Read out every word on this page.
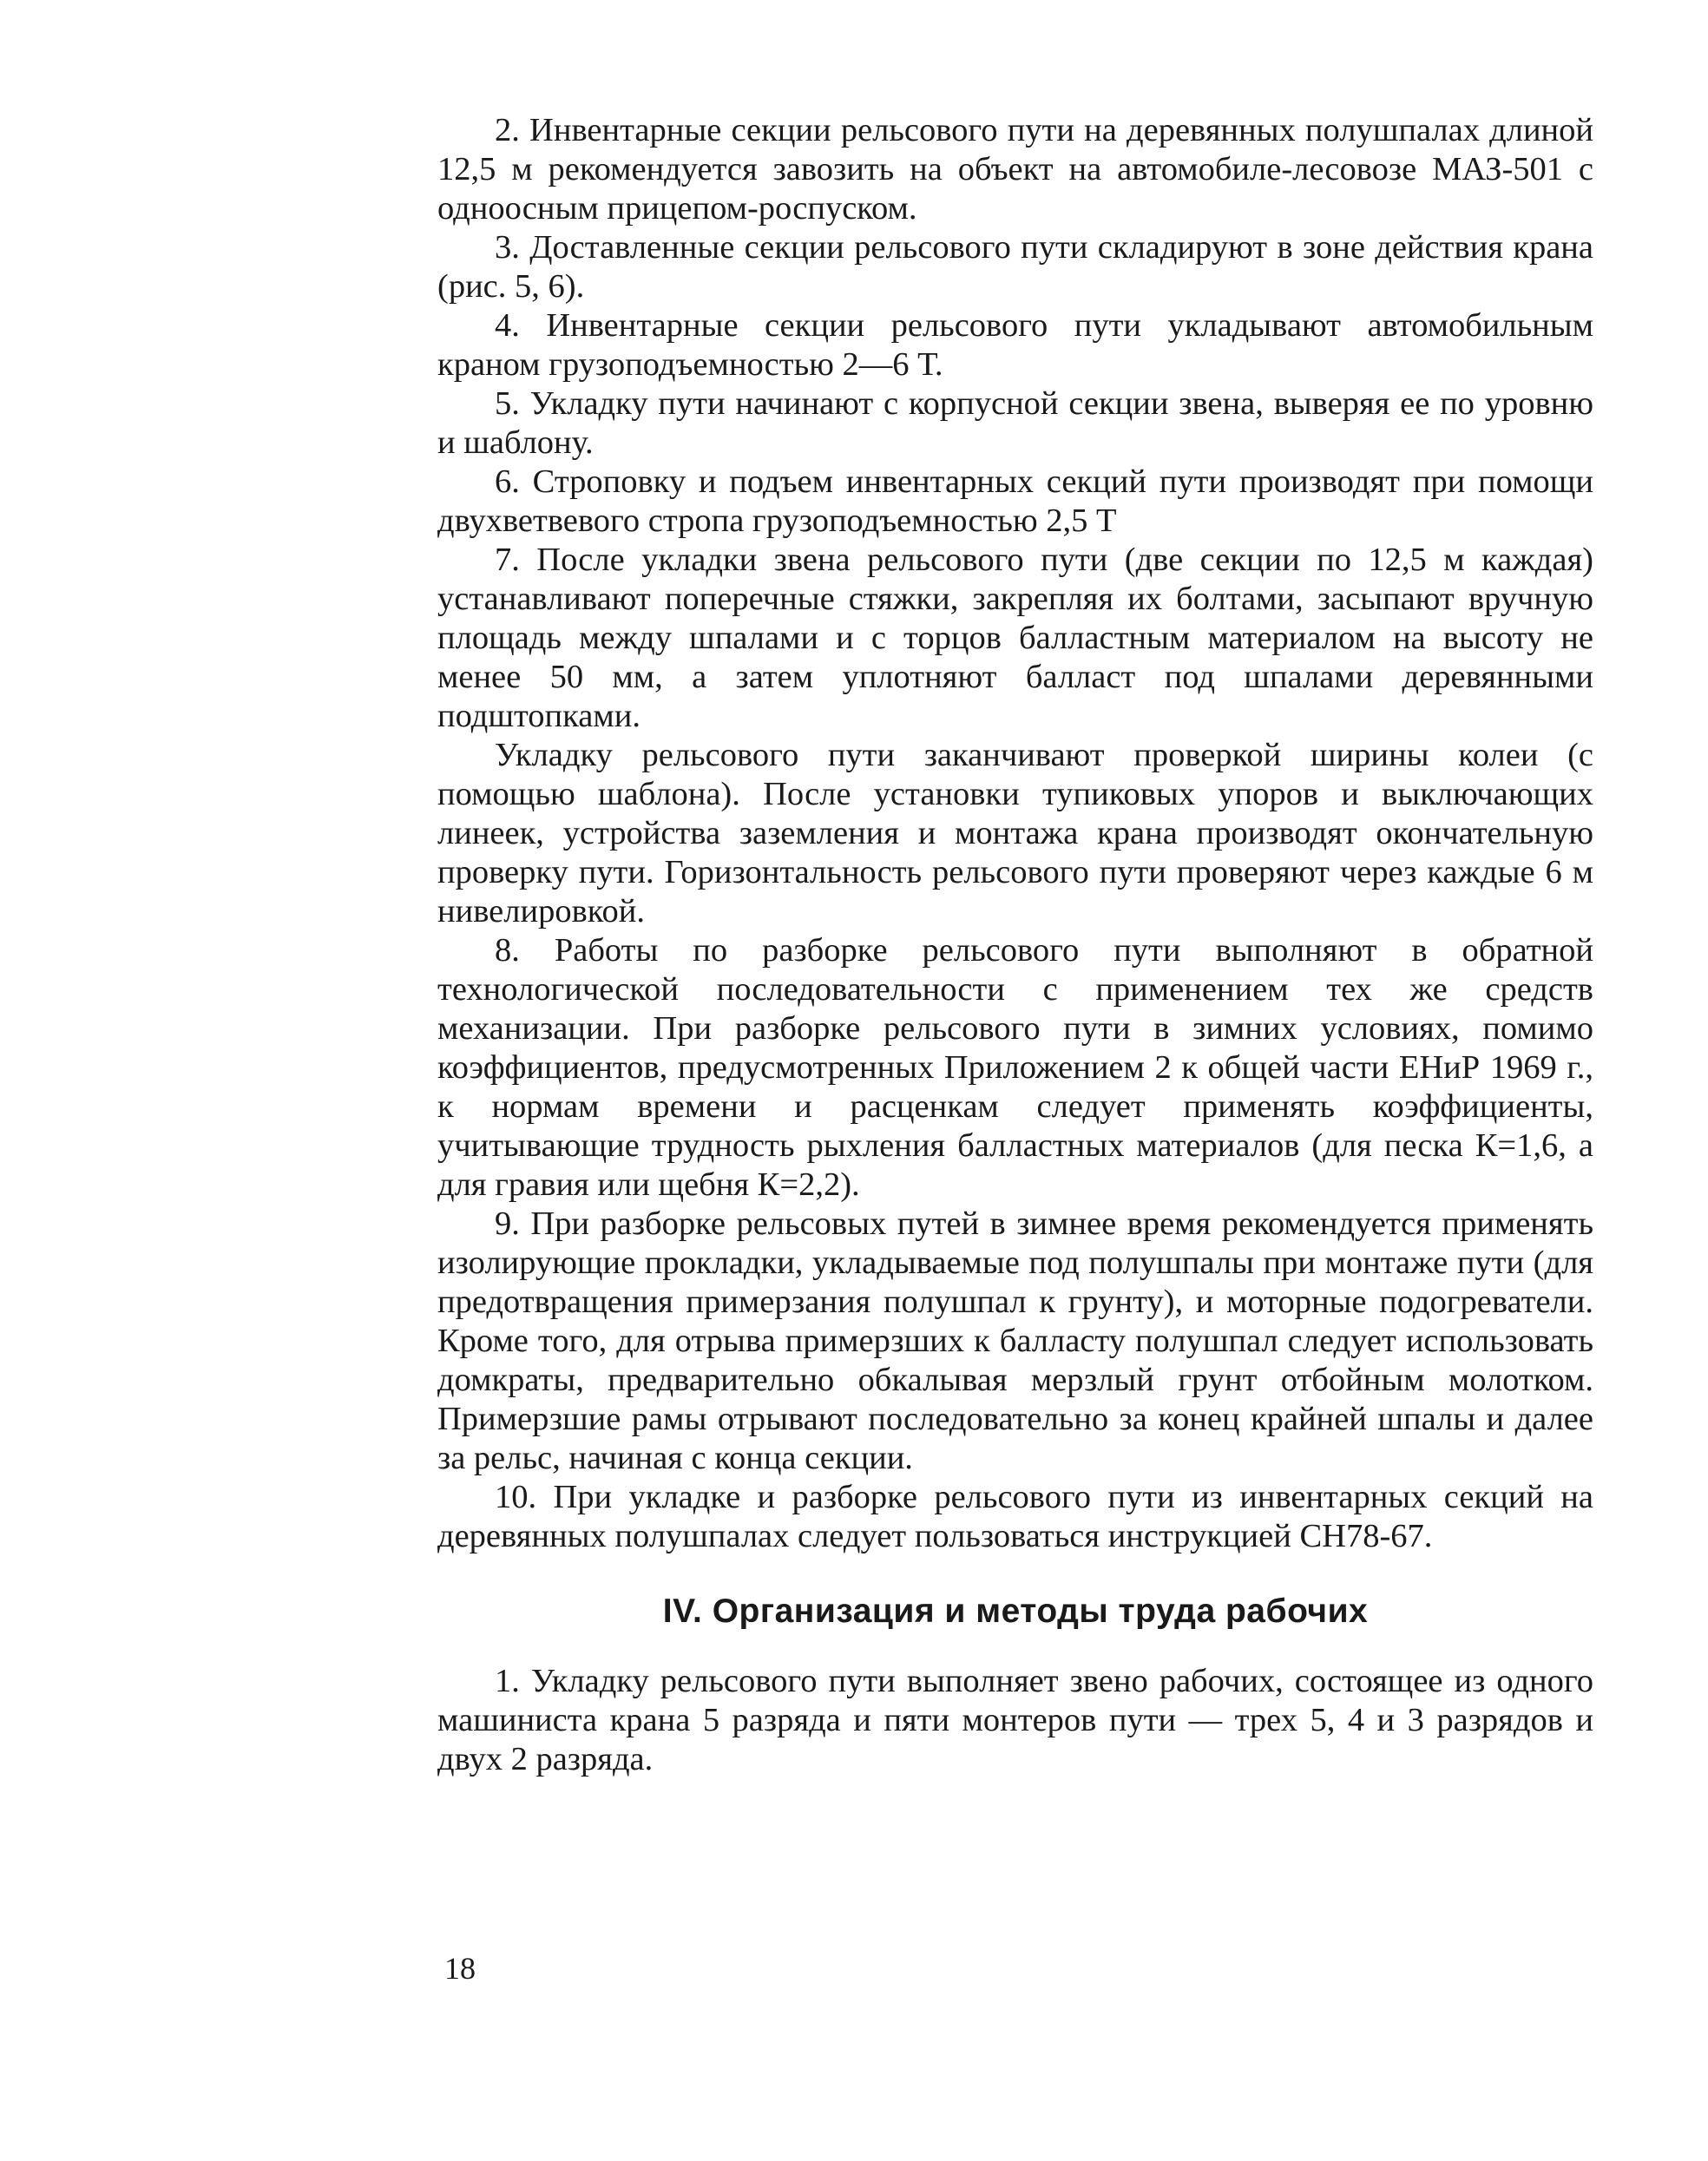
2. Инвентарные секции рельсового пути на деревянных полушпалах длиной 12,5 м рекомендуется завозить на объект на автомобиле-лесовозе МАЗ-501 с одноосным прицепом-роспуском.

3. Доставленные секции рельсового пути складируют в зоне действия крана (рис. 5, 6).

4. Инвентарные секции рельсового пути укладывают автомобильным краном грузоподъемностью 2—6 Т.

5. Укладку пути начинают с корпусной секции звена, выверяя ее по уровню и шаблону.

6. Строповку и подъем инвентарных секций пути производят при помощи двухветвевого стропа грузоподъемностью 2,5 Т

7. После укладки звена рельсового пути (две секции по 12,5 м каждая) устанавливают поперечные стяжки, закрепляя их болтами, засыпают вручную площадь между шпалами и с торцов балластным материалом на высоту не менее 50 мм, а затем уплотняют балласт под шпалами деревянными подштопками.

Укладку рельсового пути заканчивают проверкой ширины колеи (с помощью шаблона). После установки тупиковых упоров и выключающих линеек, устройства заземления и монтажа крана производят окончательную проверку пути. Горизонтальность рельсового пути проверяют через каждые 6 м нивелировкой.

8. Работы по разборке рельсового пути выполняют в обратной технологической последовательности с применением тех же средств механизации. При разборке рельсового пути в зимних условиях, помимо коэффициентов, предусмотренных Приложением 2 к общей части ЕНиР 1969 г., к нормам времени и расценкам следует применять коэффициенты, учитывающие трудность рыхления балластных материалов (для песка К=1,6, а для гравия или щебня К=2,2).

9. При разборке рельсовых путей в зимнее время рекомендуется применять изолирующие прокладки, укладываемые под полушпалы при монтаже пути (для предотвращения примерзания полушпал к грунту), и моторные подогреватели. Кроме того, для отрыва примерзших к балласту полушпал следует использовать домкраты, предварительно обкалывая мерзлый грунт отбойным молотком. Примерзшие рамы отрывают последовательно за конец крайней шпалы и далее за рельс, начиная с конца секции.

10. При укладке и разборке рельсового пути из инвентарных секций на деревянных полушпалах следует пользоваться инструкцией СН78-67.

IV. Организация и методы труда рабочих

1. Укладку рельсового пути выполняет звено рабочих, состоящее из одного машиниста крана 5 разряда и пяти монтеров пути — трех 5, 4 и 3 разрядов и двух 2 разряда.

18
